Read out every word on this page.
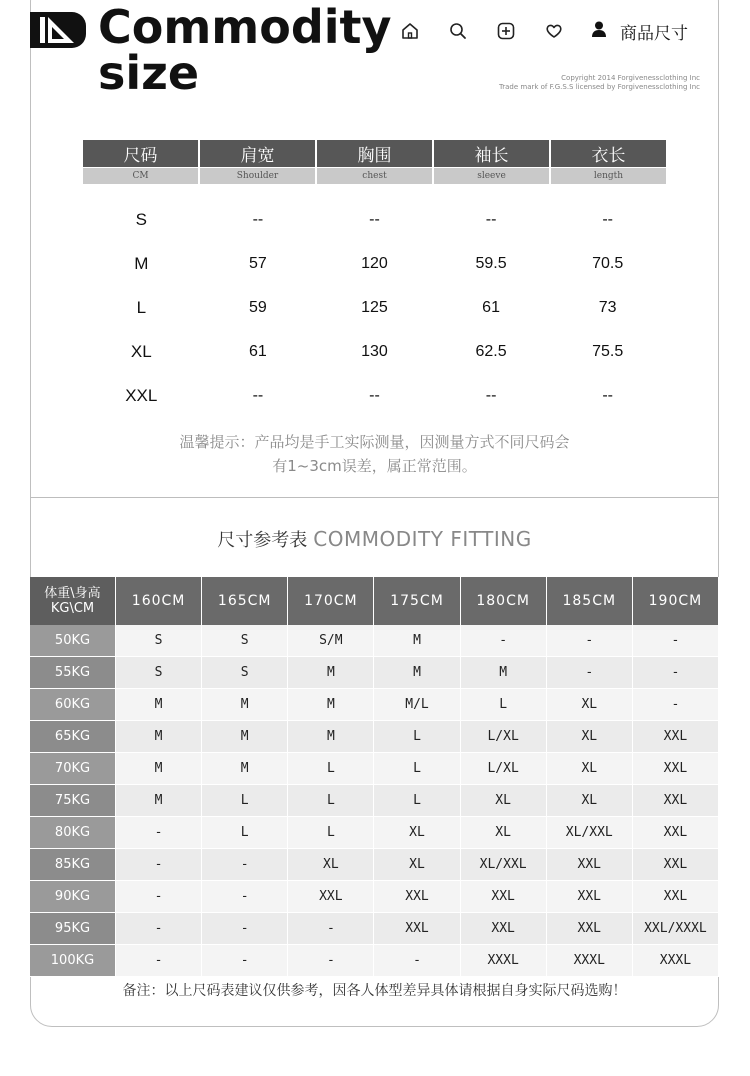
Commodity
size
商品尺寸
Copyright 2014 Forgivenessclothing Inc
Trade mark of F.G.S.S licensed by Forgivenessclothing Inc
尺码	肩宽	胸围	袖长	衣长
CM	Shoulder	chest	sleeve	length
S	--	--	--	--
M	57	120	59.5	70.5
L	59	125	61	73
XL	61	130	62.5	75.5
XXL	--	--	--	--
温馨提示：产品均是手工实际测量，因测量方式不同尺码会
有1~3cm误差，属正常范围。
尺寸参考表 COMMODITY FITTING
体重\身高
KG\CM	160CM	165CM	170CM	175CM	180CM	185CM	190CM
50KG	S	S	S/M	M	-	-	-
55KG	S	S	M	M	M	-	-
60KG	M	M	M	M/L	L	XL	-
65KG	M	M	M	L	L/XL	XL	XXL
70KG	M	M	L	L	L/XL	XL	XXL
75KG	M	L	L	L	XL	XL	XXL
80KG	-	L	L	XL	XL	XL/XXL	XXL
85KG	-	-	XL	XL	XL/XXL	XXL	XXL
90KG	-	-	XXL	XXL	XXL	XXL	XXL
95KG	-	-	-	XXL	XXL	XXL	XXL/XXXL
100KG	-	-	-	-	XXXL	XXXL	XXXL
备注：以上尺码表建议仅供参考，因各人体型差异具体请根据自身实际尺码选购！
